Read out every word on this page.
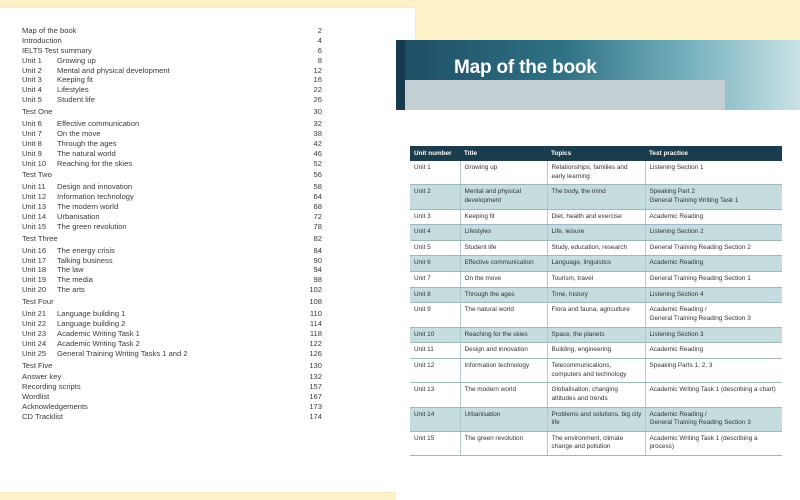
Map of the book	2
Introduction	4
IELTS Test summary	6
Unit 1 Growing up	8
Unit 2 Mental and physical development	12
Unit 3 Keeping fit	16
Unit 4 Lifestyles	22
Unit 5 Student life	26
Test One	30
Unit 6 Effective communication	32
Unit 7 On the move	38
Unit 8 Through the ages	42
Unit 9 The natural world	46
Unit 10 Reaching for the skies	52
Test Two	56
Unit 11 Design and innovation	58
Unit 12 Information technology	64
Unit 13 The modern world	68
Unit 14 Urbanisation	72
Unit 15 The green revolution	78
Test Three	82
Unit 16 The energy crisis	84
Unit 17 Talking business	90
Unit 18 The law	94
Unit 19 The media	98
Unit 20 The arts	102
Test Four	108
Unit 21 Language building 1	110
Unit 22 Language building 2	114
Unit 23 Academic Writing Task 1	118
Unit 24 Academic Writing Task 2	122
Unit 25 General Training Writing Tasks 1 and 2	126
Test Five	130
Answer key	132
Recording scripts	157
Wordlist	167
Acknowledgements	173
CD Tracklist	174
Map of the book
Unit number	Title	Topics	Test practice
Unit 1	Growing up	Relationships, families and early learning	Listening Section 1
Unit 2	Mental and physical development	The body, the mind	Speaking Part 2
General Training Writing Task 1
Unit 3	Keeping fit	Diet, health and exercise	Academic Reading
Unit 4	Lifestyles	Life, leisure	Listening Section 2
Unit 5	Student life	Study, education, research	General Training Reading Section 2
Unit 6	Effective communication	Language, linguistics	Academic Reading
Unit 7	On the move	Tourism, travel	General Training Reading Section 1
Unit 8	Through the ages	Time, history	Listening Section 4
Unit 9	The natural world	Flora and fauna, agriculture	Academic Reading /
General Training Reading Section 3
Unit 10	Reaching for the skies	Space, the planets	Listening Section 3
Unit 11	Design and innovation	Building, engineering	Academic Reading
Unit 12	Information technology	Telecommunications, computers and technology	Speaking Parts 1, 2, 3
Unit 13	The modern world	Globalisation, changing attitudes and trends	Academic Writing Task 1 (describing a chart)
Unit 14	Urbanisation	Problems and solutions, big city life	Academic Reading /
General Training Reading Section 3
Unit 15	The green revolution	The environment, climate change and pollution	Academic Writing Task 1 (describing a process)
